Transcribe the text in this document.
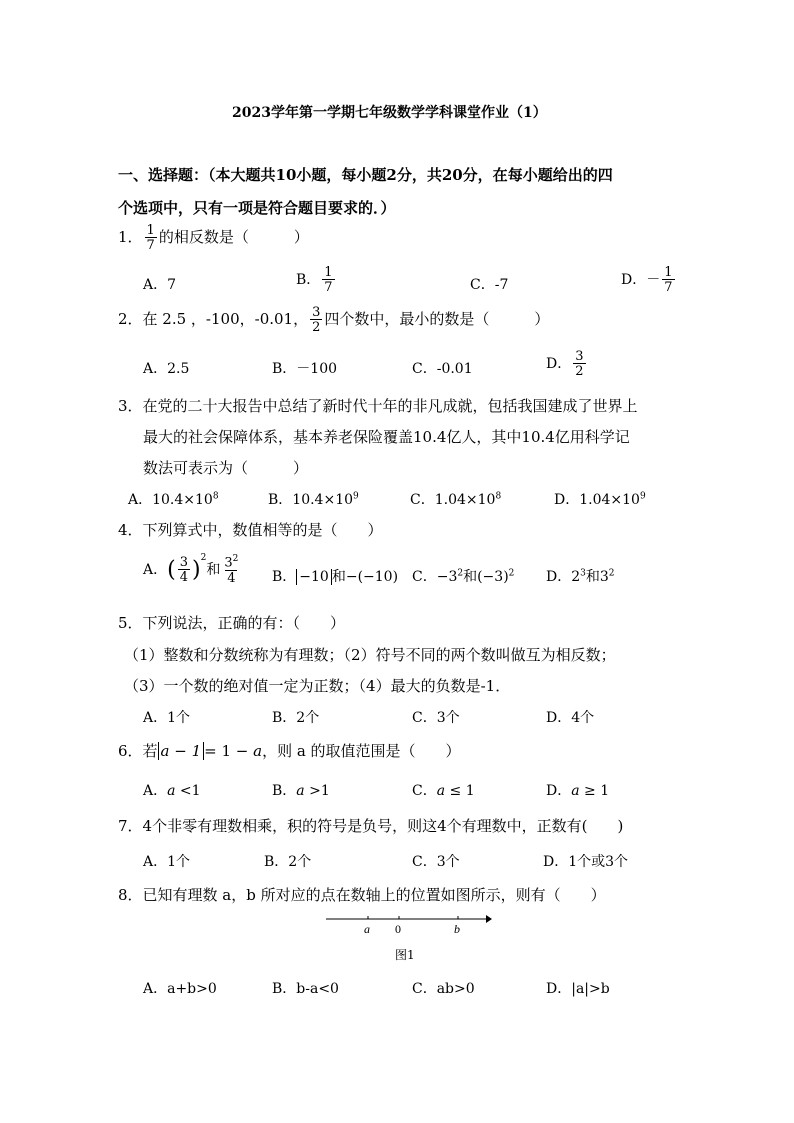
2023学年第一学期七年级数学学科课堂作业（1）
一、选择题：（本大题共10小题，每小题2分，共20分，在每小题给出的四
个选项中，只有一项是符合题目要求的．）
1． $\frac{1}{7}$ 的相反数是（　　　）
A．7	B． $\frac{1}{7}$	C．-7	D．－ $\frac{1}{7}$
2．在 2.5 ，-100，-0.01， $\frac{3}{2}$ 四个数中，最小的数是（　　　）
A．2.5	B．－100	C．-0.01	D． $\frac{3}{2}$
3．在党的二十大报告中总结了新时代十年的非凡成就，包括我国建成了世界上
最大的社会保障体系，基本养老保险覆盖10.4亿人，其中10.4亿用科学记
数法可表示为（　　　）
A．$10.4\times 10^8$	B．$10.4\times 10^9$	C．$1.04\times 10^8$	D．$1.04\times 10^9$
4．下列算式中，数值相等的是（　　）
A．( $\frac{3}{4} )^2$和 $\frac{3^2}{4}$ B． −10 和−(−10) C．$-3^2$和$(-3)^2$ D．$2^3$和$3^2$
5．下列说法，正确的有：（　　）
（1）整数和分数统称为有理数；（2）符号不同的两个数叫做互为相反数；
（3）一个数的绝对值一定为正数；（4）最大的负数是-1．
A．1个	B．2个	C．3个	D．4个
6．若 a − 1 = 1 − a，则 a 的取值范围是（　　）
A．a <1	B．a >1	C．a ≤ 1	D．a ≥ 1
7．4个非零有理数相乘，积的符号是负号，则这4个有理数中，正数有(　　)
A．1个	B．2个	C．3个	D．1个或3个
8．已知有理数 a，b 所对应的点在数轴上的位置如图所示，则有（　　）
a 0	b
图1
A．a+b>0	B．b-a<0	C．ab>0	D．|a|>b
